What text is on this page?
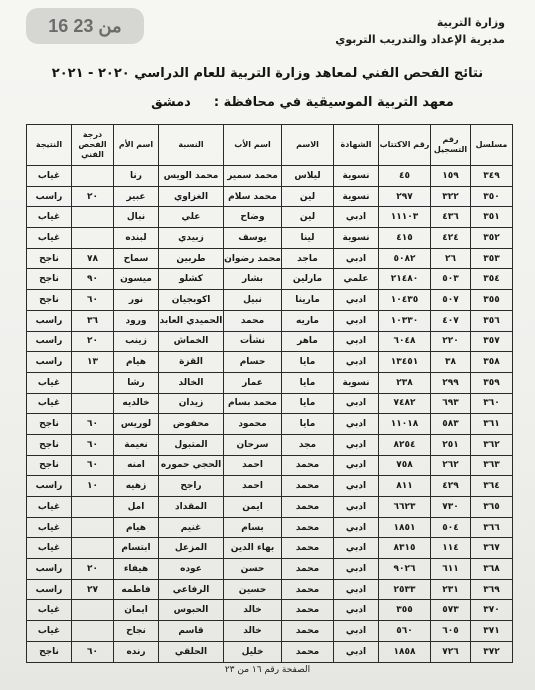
16 من 23	وزارة التربية
مديرية الإعداد والتدريب التربوي
نتائج الفحص الفني لمعاهد وزارة التربية للعام الدراسي ٢٠٢٠ - ٢٠٢١
معهد التربية الموسيقية في محافظة :  دمشق
مسلسل	رقم التسجيل	رقم الاكتتاب	الشهادة	الاسم	اسم الأب	النسبة	اسم الأم	درجة الفحص الفني	النتيجة
٣٤٩	١٥٩	٤٥	نسوية	ليلاس	محمد سمير	محمد الويس	رنا		غياب
٣٥٠	٣٢٢	٢٩٧	نسوية	لين	محمد سلام	الغزاوي	عبير	٢٠	راسب
٣٥١	٤٣٦	١١١٠٣	ادبي	لين	وضاح	علي	نبال		غياب
٣٥٢	٤٢٤	٤١٥	نسوية	لينا	يوسف	زبيدي	لبنده		غياب
٣٥٣	٢٦	٥٠٨٢	ادبي	ماجد	محمد رضوان	طربين	سماح	٧٨	ناجح
٣٥٤	٥٠٣	٢١٤٨٠	علمي	مارلين	بشار	كشلو	ميسون	٩٠	ناجح
٣٥٥	٥٠٧	١٠٤٣٥	ادبي	مارينا	نبيل	اكوبجيان	نور	٦٠	ناجح
٣٥٦	٤٠٧	١٠٣٣٠	ادبي	ماريه	محمد	الحميدي العابد	ورود	٣٦	راسب
٣٥٧	٢٢٠	٦٠٤٨	ادبي	ماهر	نشأت	الخماش	زينب	٢٠	راسب
٣٥٨	٣٨	١٣٤٥١	ادبي	مايا	حسام	القزة	هيام	١٣	راسب
٣٥٩	٢٩٩	٢٣٨	نسوية	مايا	عمار	الخالد	رشا		غياب
٣٦٠	٦٩٣	٧٤٨٢	ادبي	مايا	محمد بسام	زيدان	خالديه		غياب
٣٦١	٥٨٣	١١٠١٨	ادبي	مايا	محمود	محفوض	لوريس	٦٠	ناجح
٣٦٢	٢٥١	٨٢٥٤	ادبي	مجد	سرحان	المتبول	نعيمة	٦٠	ناجح
٣٦٣	٢٦٢	٧٥٨	ادبي	محمد	احمد	الحجي حموره	امنه	٦٠	ناجح
٣٦٤	٤٢٩	٨١١	ادبي	محمد	احمد	راجح	زهيه	١٠	راسب
٣٦٥	٧٣٠	٦٦٢٣	ادبي	محمد	ايمن	المقداد	امل		غياب
٣٦٦	٥٠٤	١٨٥١	ادبي	محمد	بسام	غنيم	هيام		غياب
٣٦٧	١١٤	٨٣١٥	ادبي	محمد	بهاء الدين	المزعل	ابتسام		غياب
٣٦٨	٦١١	٩٠٢٦	ادبي	محمد	حسن	عوده	هيفاء	٢٠	راسب
٣٦٩	٢٣١	٢٥٣٣	ادبي	محمد	حسين	الرفاعي	فاطمه	٢٧	راسب
٣٧٠	٥٧٣	٣٥٥	ادبي	محمد	خالد	الحبوس	ايمان		غياب
٣٧١	٦٠٥	٥٦٠	ادبي	محمد	خالد	قاسم	نجاح		غياب
٣٧٢	٧٢٦	١٨٥٨	ادبي	محمد	خليل	الحلقي	رنده	٦٠	ناجح
الصفحة رقم ١٦ من ٢٣
